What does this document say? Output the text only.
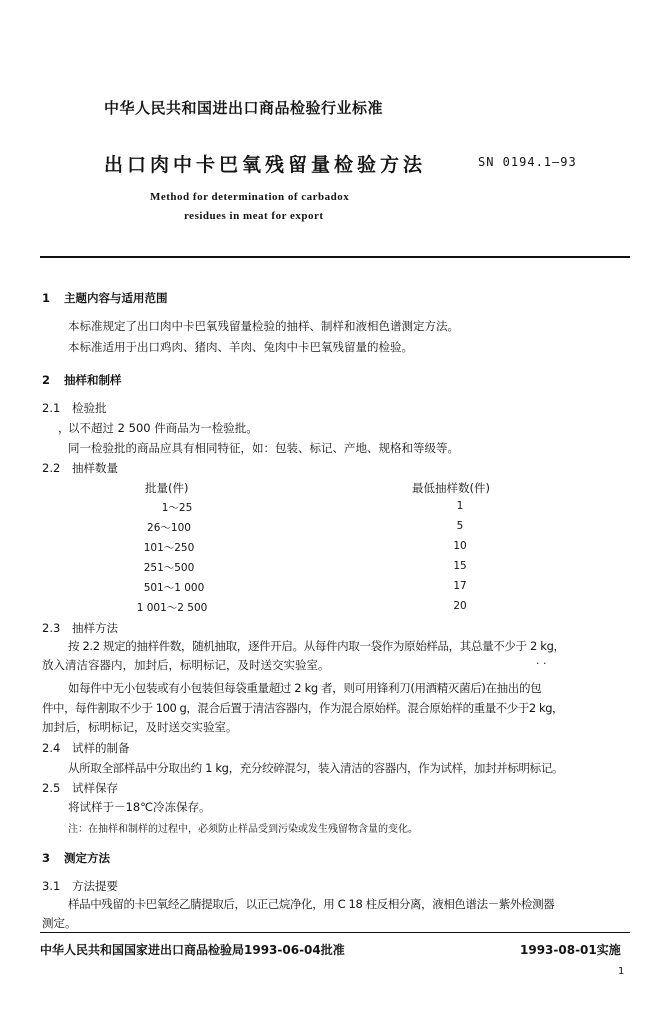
中华人民共和国进出口商品检验行业标准
出口肉中卡巴氧残留量检验方法	SN 0194.1—93
Method for determination of carbadox
residues in meat for export
1 主题内容与适用范围
本标准规定了出口肉中卡巴氧残留量检验的抽样、制样和液相色谱测定方法。
本标准适用于出口鸡肉、猪肉、羊肉、兔肉中卡巴氧残留量的检验。
2 抽样和制样
2.1 检验批
，
以不超过 2 500 件商品为一检验批。
同一检验批的商品应具有相同特征，如：包装、标记、产地、规格和等级等。
2.2 抽样数量
批量(件)	最低抽样数(件)
1～25	1
26～100	5
101～250	10
251～500	15
501～1 000	17
1 001～2 500	20
2.3 抽样方法
按 2.2 规定的抽样件数，随机抽取，逐件开启。从每件内取一袋作为原始样品，其总量不少于 2 kg，
放入清洁容器内，加封后，标明标记，及时送交实验室。	· ·
如每件中无小包装或有小包装但每袋重量超过 2 kg 者，则可用锋利刀(用酒精灭菌后)在抽出的包
件中，每件割取不少于 100 g，混合后置于清洁容器内，作为混合原始样。混合原始样的重量不少于2 kg，
加封后，标明标记，及时送交实验室。
2.4 试样的制备
从所取全部样品中分取出约 1 kg，充分绞碎混匀，装入清洁的容器内，作为试样，加封并标明标记。
2.5 试样保存
将试样于－18℃冷冻保存。
注：在抽样和制样的过程中，必须防止样品受到污染或发生残留物含量的变化。
3 测定方法
3.1 方法提要
样品中残留的卡巴氧经乙腈提取后，以正己烷净化，用 C 18 柱反相分离，液相色谱法－紫外检测器
测定。
中华人民共和国国家进出口商品检验局1993-06-04批准	1993-08-01实施
1
